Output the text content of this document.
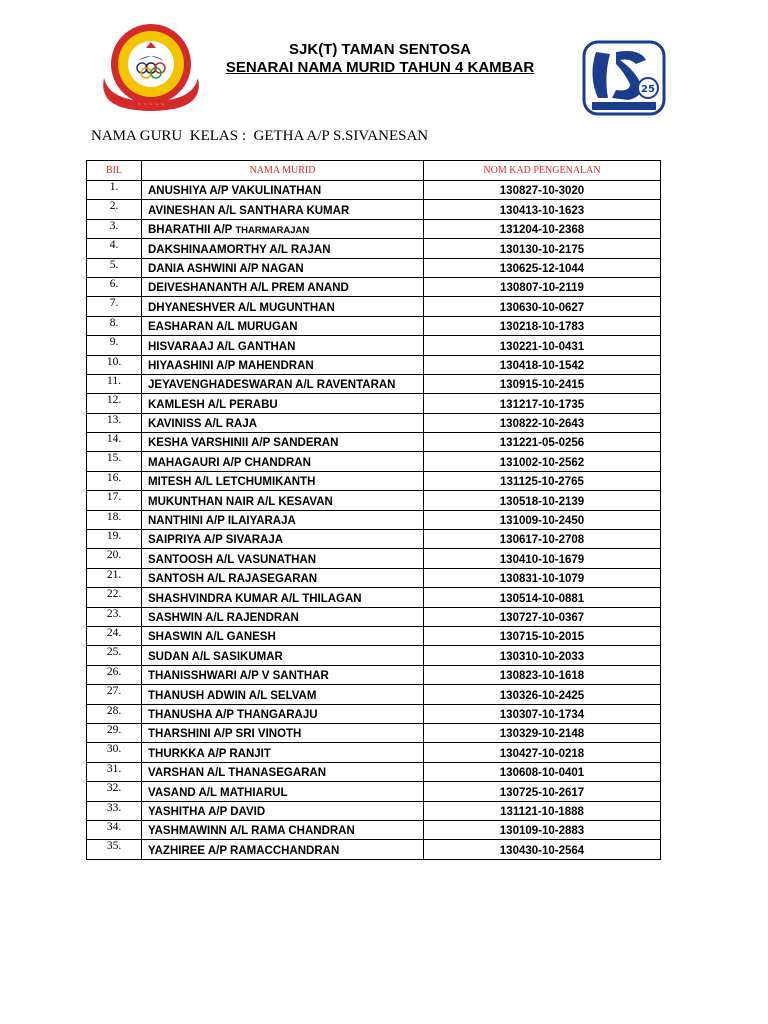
~ ~ ~ ~ ~
SJK(T) TAMAN SENTOSA
SENARAI NAMA MURID TAHUN 4 KAMBAR
25
NAMA GURU  KELAS : GETHA A/P S.SIVANESAN
BIL	NAMA MURID	NOM KAD PENGENALAN
1.	ANUSHIYA A/P VAKULINATHAN	130827-10-3020
2.	AVINESHAN A/L SANTHARA KUMAR	130413-10-1623
3.	BHARATHII A/P THARMARAJAN	131204-10-2368
4.	DAKSHINAAMORTHY A/L RAJAN	130130-10-2175
5.	DANIA ASHWINI A/P NAGAN	130625-12-1044
6.	DEIVESHANANTH A/L PREM ANAND	130807-10-2119
7.	DHYANESHVER A/L MUGUNTHAN	130630-10-0627
8.	EASHARAN A/L MURUGAN	130218-10-1783
9.	HISVARAAJ A/L GANTHAN	130221-10-0431
10.	HIYAASHINI A/P MAHENDRAN	130418-10-1542
11.	JEYAVENGHADESWARAN A/L RAVENTARAN	130915-10-2415
12.	KAMLESH A/L PERABU	131217-10-1735
13.	KAVINISS A/L RAJA	130822-10-2643
14.	KESHA VARSHINII A/P SANDERAN	131221-05-0256
15.	MAHAGAURI A/P CHANDRAN	131002-10-2562
16.	MITESH A/L LETCHUMIKANTH	131125-10-2765
17.	MUKUNTHAN NAIR A/L KESAVAN	130518-10-2139
18.	NANTHINI A/P ILAIYARAJA	131009-10-2450
19.	SAIPRIYA A/P SIVARAJA	130617-10-2708
20.	SANTOOSH A/L VASUNATHAN	130410-10-1679
21.	SANTOSH A/L RAJASEGARAN	130831-10-1079
22.	SHASHVINDRA KUMAR A/L THILAGAN	130514-10-0881
23.	SASHWIN A/L RAJENDRAN	130727-10-0367
24.	SHASWIN A/L GANESH	130715-10-2015
25.	SUDAN A/L SASIKUMAR	130310-10-2033
26.	THANISSHWARI A/P V SANTHAR	130823-10-1618
27.	THANUSH ADWIN A/L SELVAM	130326-10-2425
28.	THANUSHA A/P THANGARAJU	130307-10-1734
29.	THARSHINI A/P SRI VINOTH	130329-10-2148
30.	THURKKA A/P RANJIT	130427-10-0218
31.	VARSHAN A/L THANASEGARAN	130608-10-0401
32.	VASAND A/L MATHIARUL	130725-10-2617
33.	YASHITHA A/P DAVID	131121-10-1888
34.	YASHMAWINN A/L RAMA CHANDRAN	130109-10-2883
35.	YAZHIREE A/P RAMACCHANDRAN	130430-10-2564
